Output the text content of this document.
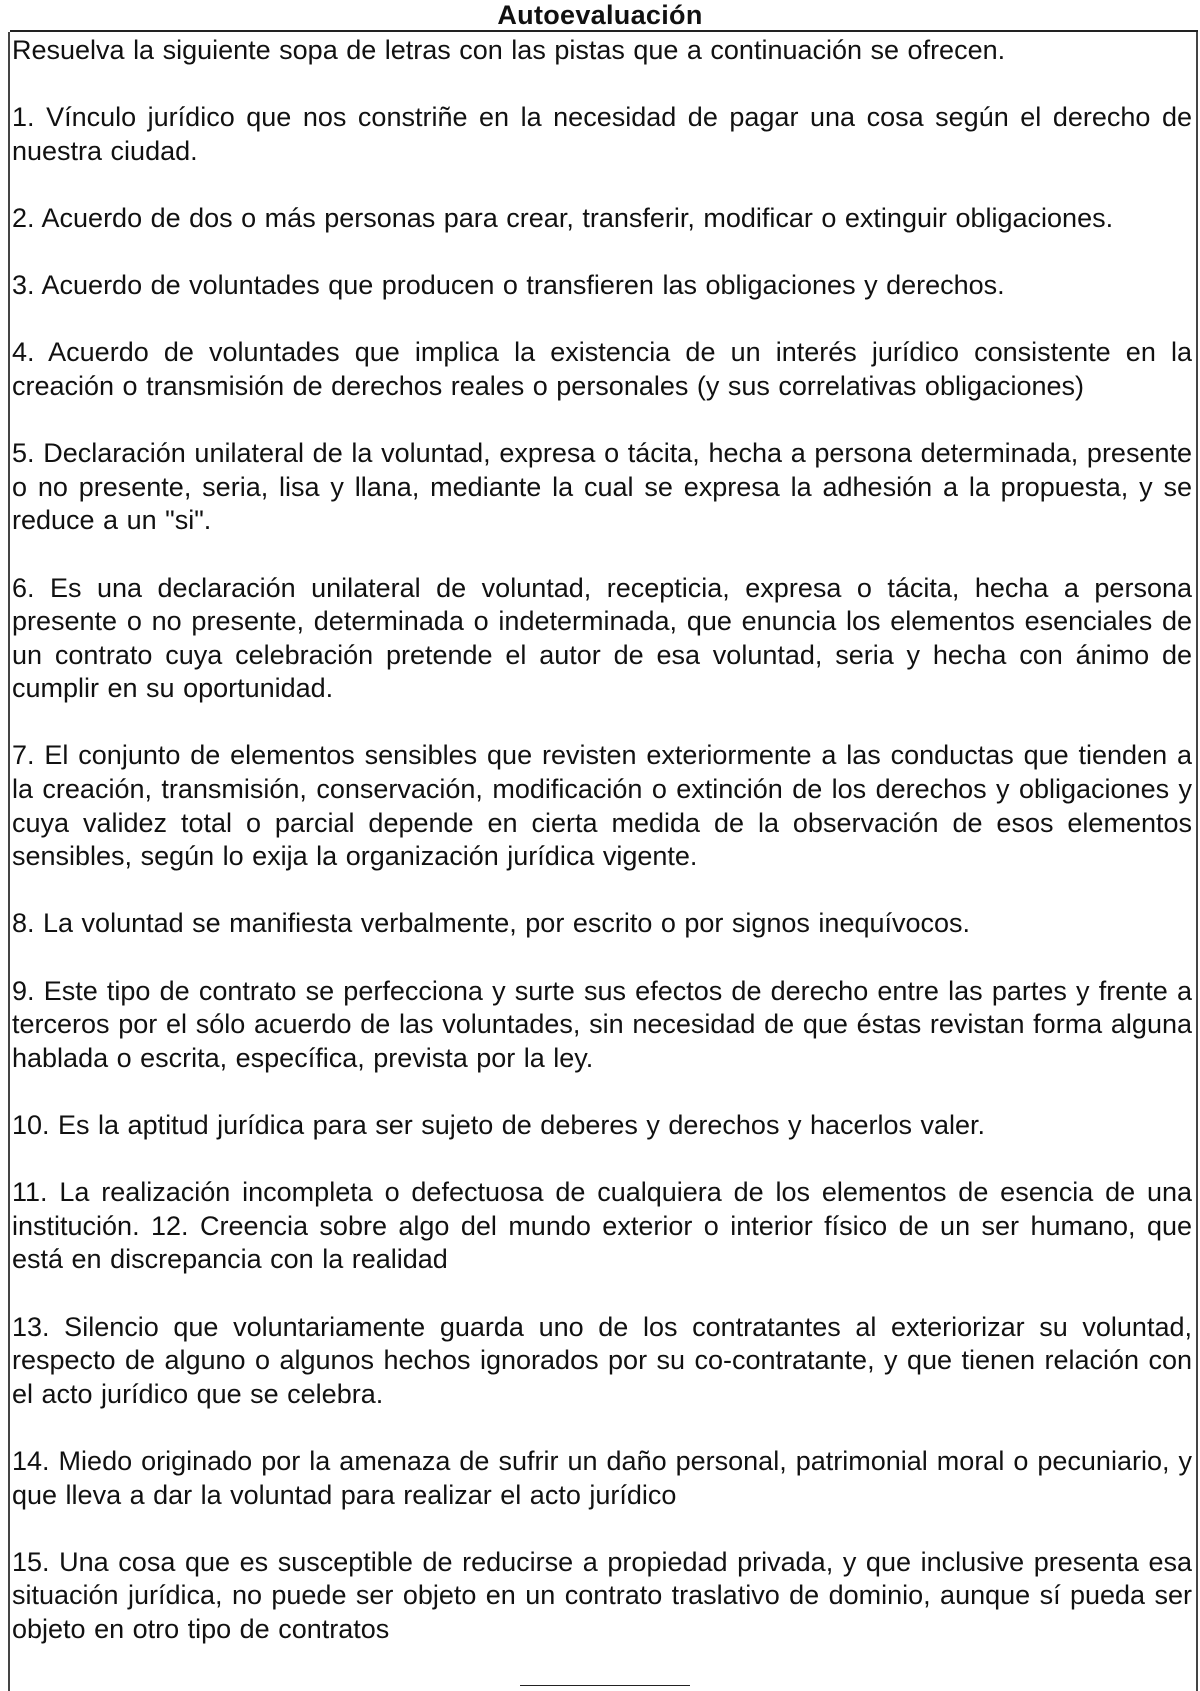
Autoevaluación

Resuelva la siguiente sopa de letras con las pistas que a continuación se ofrecen.

1. Vínculo jurídico que nos constriñe en la necesidad de pagar una cosa según el derecho de nuestra ciudad.

2. Acuerdo de dos o más personas para crear, transferir, modificar o extinguir obligaciones.

3. Acuerdo de voluntades que producen o transfieren las obligaciones y derechos.

4. Acuerdo de voluntades que implica la existencia de un interés jurídico consistente en la creación o transmisión de derechos reales o personales (y sus correlativas obligaciones)

5. Declaración unilateral de la voluntad, expresa o tácita, hecha a persona determinada, presente o no presente, seria, lisa y llana, mediante la cual se expresa la adhesión a la propuesta, y se reduce a un "si".

6. Es una declaración unilateral de voluntad, recepticia, expresa o tácita, hecha a persona presente o no presente, determinada o indeterminada, que enuncia los elementos esenciales de un contrato cuya celebración pretende el autor de esa voluntad, seria y hecha con ánimo de cumplir en su oportunidad.

7. El conjunto de elementos sensibles que revisten exteriormente a las conductas que tienden a la creación, transmisión, conservación, modificación o extinción de los derechos y obligaciones y cuya validez total o parcial depende en cierta medida de la observación de esos elementos sensibles, según lo exija la organización jurídica vigente.

8. La voluntad se manifiesta verbalmente, por escrito o por signos inequívocos.

9. Este tipo de contrato se perfecciona y surte sus efectos de derecho entre las partes y frente a terceros por el sólo acuerdo de las voluntades, sin necesidad de que éstas revistan forma alguna hablada o escrita, específica, prevista por la ley.

10. Es la aptitud jurídica para ser sujeto de deberes y derechos y hacerlos valer.

11. La realización incompleta o defectuosa de cualquiera de los elementos de esencia de una institución. 12. Creencia sobre algo del mundo exterior o interior físico de un ser humano, que está en discrepancia con la realidad

13. Silencio que voluntariamente guarda uno de los contratantes al exteriorizar su voluntad, respecto de alguno o algunos hechos ignorados por su co-contratante, y que tienen relación con el acto jurídico que se celebra.

14. Miedo originado por la amenaza de sufrir un daño personal, patrimonial moral o pecuniario, y que lleva a dar la voluntad para realizar el acto jurídico

15. Una cosa que es susceptible de reducirse a propiedad privada, y que inclusive presenta esa situación jurídica, no puede ser objeto en un contrato traslativo de dominio, aunque sí pueda ser objeto en otro tipo de contratos
